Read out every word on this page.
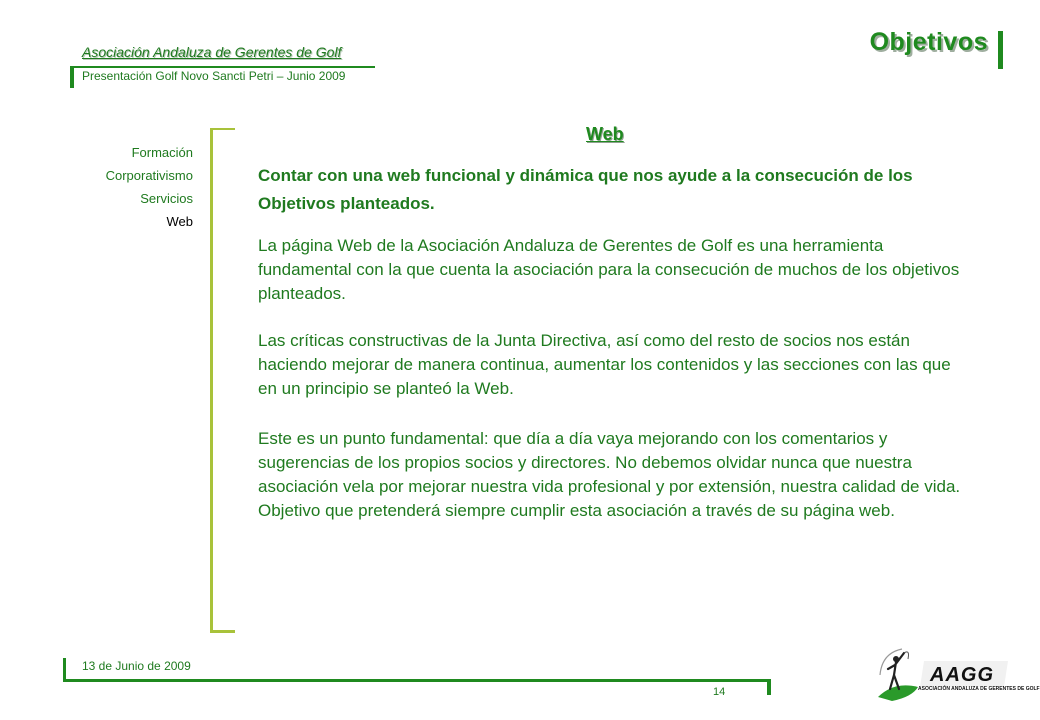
Asociación Andaluza de Gerentes de Golf
Presentación Golf Novo Sancti Petri – Junio 2009
Objetivos
Formación
Corporativismo
Servicios
Web
Web
Contar con una web funcional y dinámica que nos ayude a la consecución de los Objetivos planteados.

La página Web de la Asociación Andaluza de Gerentes de Golf es una herramienta fundamental con la que cuenta la asociación para la consecución de muchos de los objetivos planteados.

Las críticas constructivas de la Junta Directiva, así como del resto de socios nos están haciendo mejorar de manera continua, aumentar los contenidos y las secciones con las que en un principio se planteó la Web.

Este es un punto fundamental: que día a día vaya mejorando con los comentarios y sugerencias de los propios socios y directores. No debemos olvidar nunca que nuestra asociación vela por mejorar nuestra vida profesional y por extensión, nuestra calidad de vida. Objetivo que pretenderá siempre cumplir esta asociación a través de su página web.

13 de Junio de 2009
14
AAGG
ASOCIACIÓN ANDALUZA DE GERENTES DE GOLF
